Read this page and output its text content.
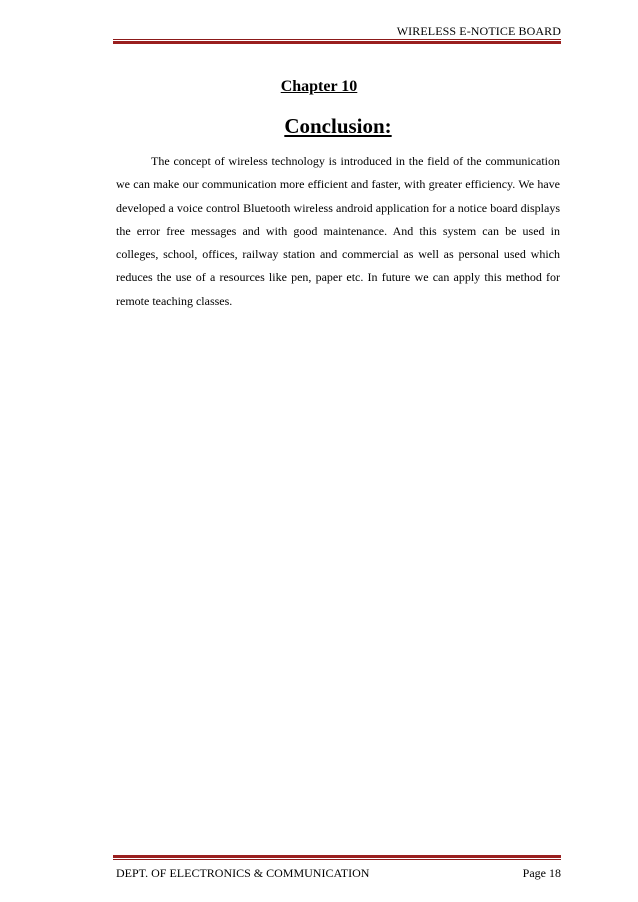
WIRELESS E-NOTICE BOARD
Chapter 10
Conclusion:

The concept of wireless technology is introduced in the field of the communication we can make our communication more efficient and faster, with greater efficiency. We have developed a voice control Bluetooth wireless android application for a notice board displays the error free messages and with good maintenance. And this system can be used in colleges, school, offices, railway station and commercial as well as personal used which reduces the use of a resources like pen, paper etc. In future we can apply this method for remote teaching classes.

DEPT. OF ELECTRONICS & COMMUNICATION	Page 18
